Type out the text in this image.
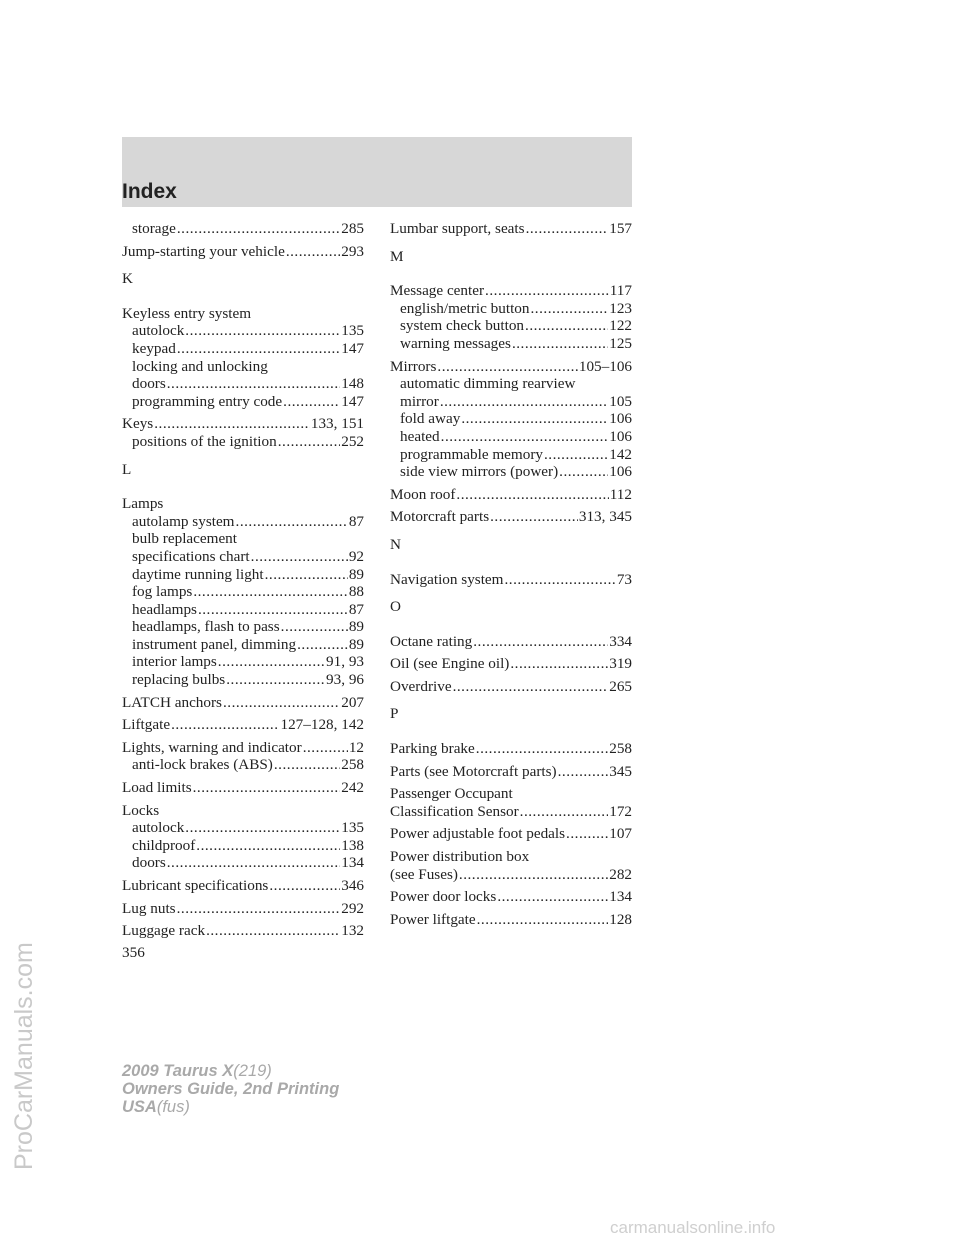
Index
storage .....	285
Jump-starting your vehicle .....	293
K
Keyless entry system
autolock .....	135
keypad .....	147
locking and unlocking
doors .....	148
programming entry code .....	147
Keys .....	133, 151
positions of the ignition .....	252
L
Lamps
autolamp system .....	87
bulb replacement
specifications chart .....	92
daytime running light .....	89
fog lamps .....	88
headlamps .....	87
headlamps, flash to pass .....	89
instrument panel, dimming .....	89
interior lamps .....	91, 93
replacing bulbs .....	93, 96
LATCH anchors .....	207
Liftgate .....	127–128, 142
Lights, warning and indicator .....	12
anti-lock brakes (ABS) .....	258
Load limits .....	242
Locks
autolock .....	135
childproof .....	138
doors .....	134
Lubricant specifications .....	346
Lug nuts .....	292
Luggage rack .....	132
Lumbar support, seats .....	157
M
Message center .....	117
english/metric button .....	123
system check button .....	122
warning messages .....	125
Mirrors .....	105–106
automatic dimming rearview
mirror .....	105
fold away .....	106
heated .....	106
programmable memory .....	142
side view mirrors (power) .....	106
Moon roof .....	112
Motorcraft parts .....	313, 345
N
Navigation system .....	73
O
Octane rating .....	334
Oil (see Engine oil) .....	319
Overdrive .....	265
P
Parking brake .....	258
Parts (see Motorcraft parts) .....	345
Passenger Occupant
Classification Sensor .....	172
Power adjustable foot pedals .....	107
Power distribution box
(see Fuses) .....	282
Power door locks .....	134
Power liftgate .....	128
356
2009 Taurus X(219)
Owners Guide, 2nd Printing
USA(fus)
ProCarManuals.com
carmanualsonline.info
